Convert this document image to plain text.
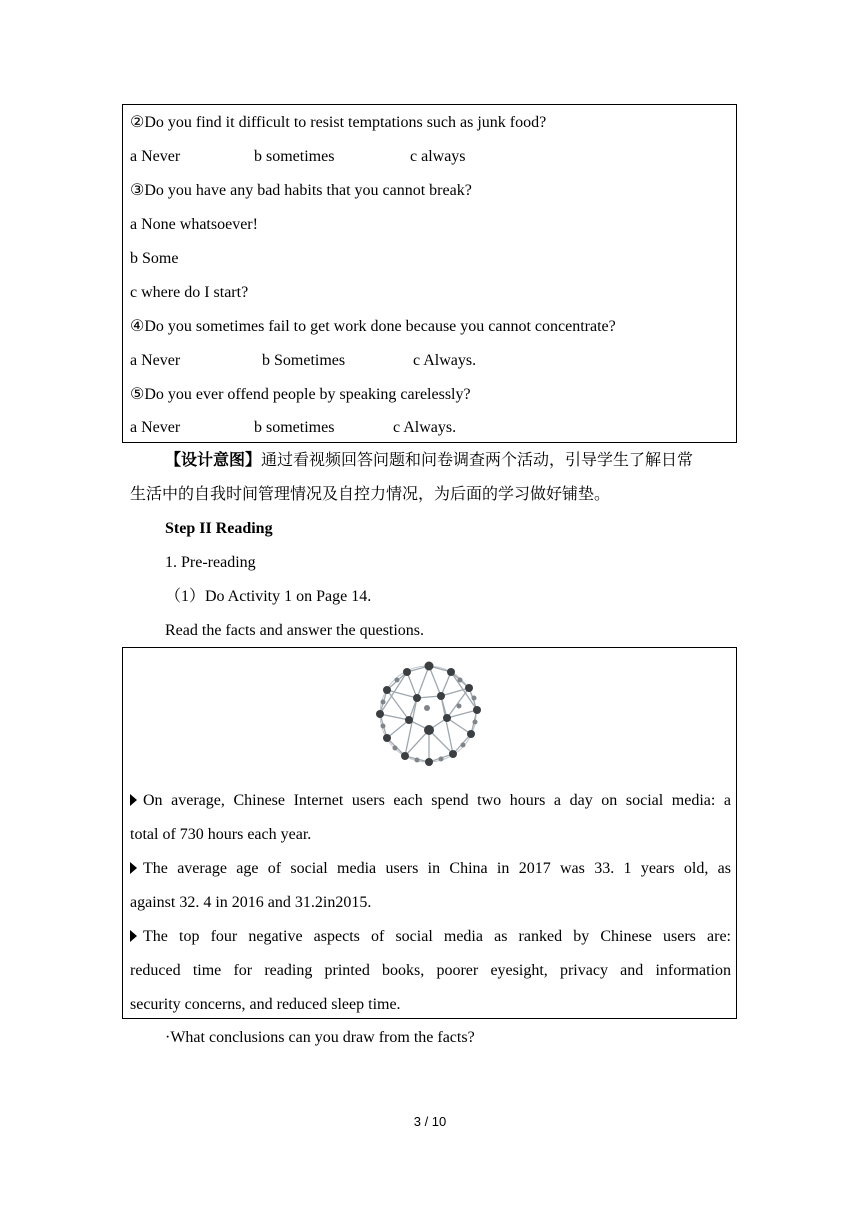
②Do you find it difficult to resist temptations such as junk food?
a Never	b sometimes	c always
③Do you have any bad habits that you cannot break?
a None whatsoever!
b Some
c where do I start?
④Do you sometimes fail to get work done because you cannot concentrate?
a Never	b Sometimes	c Always.
⑤Do you ever offend people by speaking carelessly?
a Never	b sometimes	c Always.
【设计意图】通过看视频回答问题和问卷调查两个活动，引导学生了解日常
生活中的自我时间管理情况及自控力情况，为后面的学习做好铺垫。
Step II Reading
1. Pre-reading
（1）Do Activity 1 on Page 14.
Read the facts and answer the questions.
On average, Chinese Internet users each spend two hours a day on social media: a
total of 730 hours each year.
The average age of social media users in China in 2017 was 33. 1 years old, as
against 32. 4 in 2016 and 31.2in2015.
The top four negative aspects of social media as ranked by Chinese users are:
reduced time for reading printed books, poorer eyesight, privacy and information
security concerns, and reduced sleep time.
·What conclusions can you draw from the facts?
3 / 10
